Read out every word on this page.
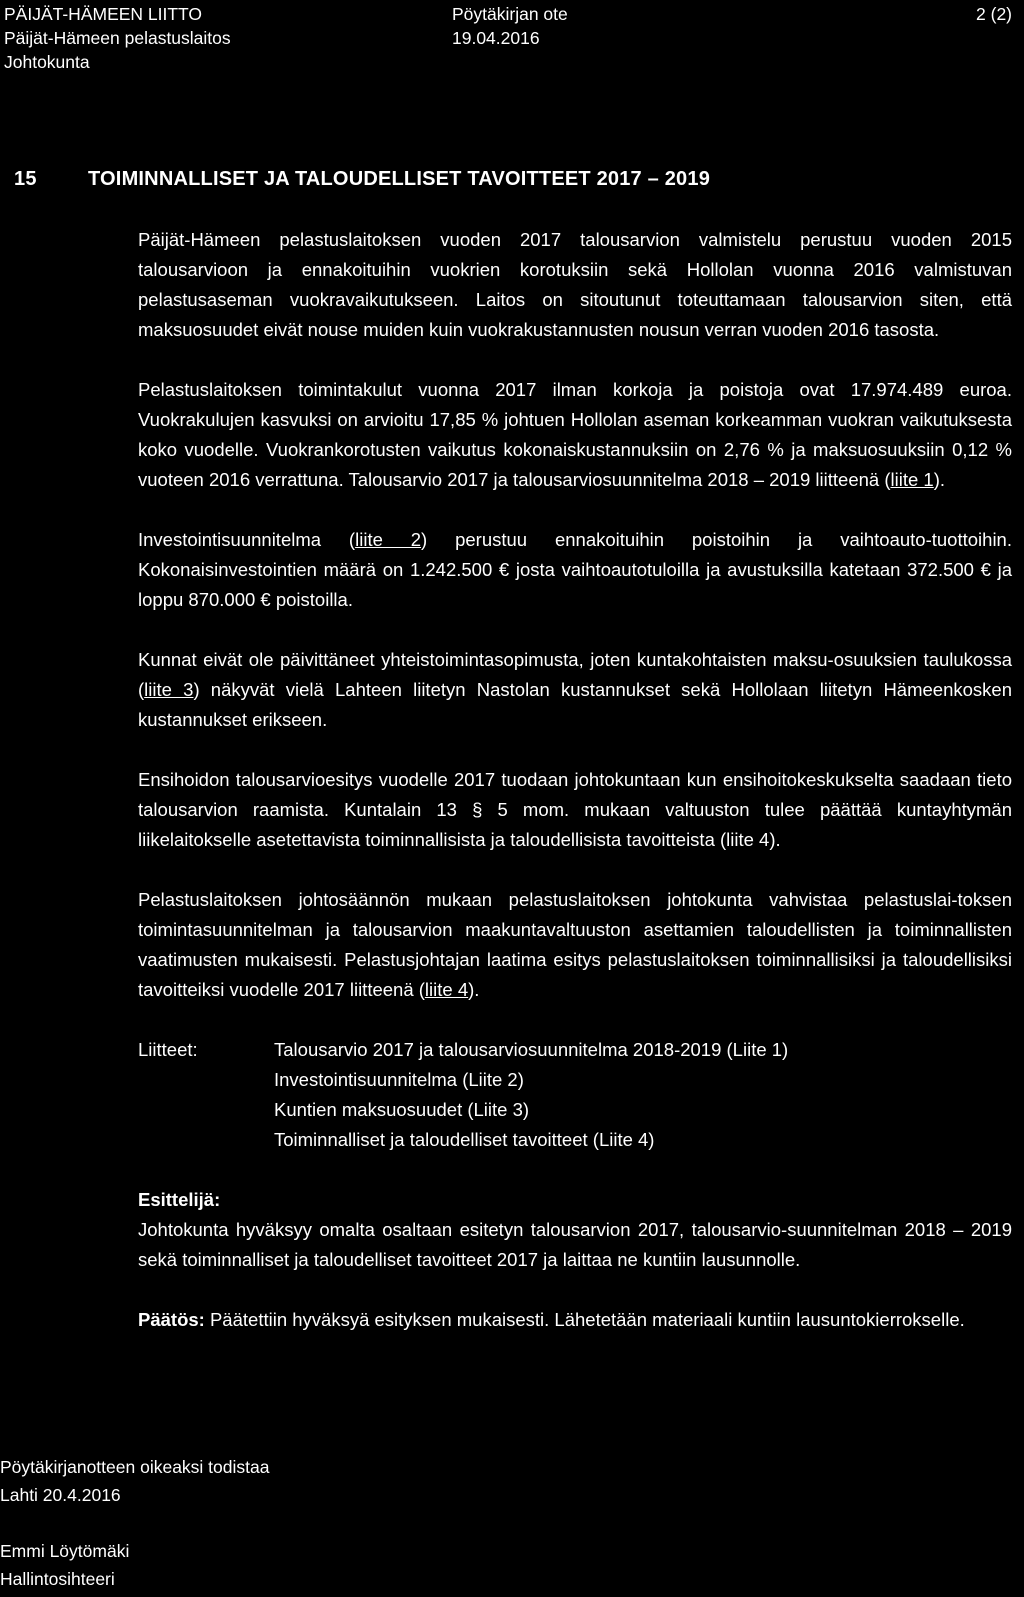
PÄIJÄT-HÄMEEN LIITTO
Päijät-Hämeen pelastuslaitos
Johtokunta
Pöytäkirjan ote
19.04.2016
2 (2)
15	TOIMINNALLISET JA TALOUDELLISET TAVOITTEET 2017 – 2019

Päijät-Hämeen pelastuslaitoksen vuoden 2017 talousarvion valmistelu perustuu vuoden 2015 talousarvioon ja ennakoituihin vuokrien korotuksiin sekä Hollolan vuonna 2016 valmistuvan pelastusaseman vuokravaikutukseen. Laitos on sitoutunut toteuttamaan talousarvion siten, että maksuosuudet eivät nouse muiden kuin vuokrakustannusten nousun verran vuoden 2016 tasosta.

Pelastuslaitoksen toimintakulut vuonna 2017 ilman korkoja ja poistoja ovat 17.974.489 euroa. Vuokrakulujen kasvuksi on arvioitu 17,85 % johtuen Hollolan aseman korkeamman vuokran vaikutuksesta koko vuodelle. Vuokrankorotusten vaikutus kokonaiskustannuksiin on 2,76 % ja maksuosuuksiin 0,12 % vuoteen 2016 verrattuna. Talousarvio 2017 ja talousarviosuunnitelma 2018 – 2019 liitteenä (liite 1).

Investointisuunnitelma (liite 2) perustuu ennakoituihin poistoihin ja vaihtoauto-tuottoihin. Kokonaisinvestointien määrä on 1.242.500 € josta vaihtoautotuloilla ja avustuksilla katetaan 372.500 € ja loppu 870.000 € poistoilla.

Kunnat eivät ole päivittäneet yhteistoimintasopimusta, joten kuntakohtaisten maksu-osuuksien taulukossa (liite 3) näkyvät vielä Lahteen liitetyn Nastolan kustannukset sekä Hollolaan liitetyn Hämeenkosken kustannukset erikseen.

Ensihoidon talousarvioesitys vuodelle 2017 tuodaan johtokuntaan kun ensihoitokeskukselta saadaan tieto talousarvion raamista. Kuntalain 13 § 5 mom. mukaan valtuuston tulee päättää kuntayhtymän liikelaitokselle asetettavista toiminnallisista ja taloudellisista tavoitteista (liite 4).

Pelastuslaitoksen johtosäännön mukaan pelastuslaitoksen johtokunta vahvistaa pelastuslai-toksen toimintasuunnitelman ja talousarvion maakuntavaltuuston asettamien taloudellisten ja toiminnallisten vaatimusten mukaisesti. Pelastusjohtajan laatima esitys pelastuslaitoksen toiminnallisiksi ja taloudellisiksi tavoitteiksi vuodelle 2017 liitteenä (liite 4).

Liitteet:	Talousarvio 2017 ja talousarviosuunnitelma 2018-2019 (Liite 1)
Investointisuunnitelma (Liite 2)
Kuntien maksuosuudet (Liite 3)
Toiminnalliset ja taloudelliset tavoitteet (Liite 4)
Esittelijä:

Johtokunta hyväksyy omalta osaltaan esitetyn talousarvion 2017, talousarvio-suunnitelman 2018 – 2019 sekä toiminnalliset ja taloudelliset tavoitteet 2017 ja laittaa ne kuntiin lausunnolle.

Päätös: Päätettiin hyväksyä esityksen mukaisesti. Lähetetään materiaali kuntiin lausuntokierrokselle.

Pöytäkirjanotteen oikeaksi todistaa
Lahti 20.4.2016
Emmi Löytömäki
Hallintosihteeri
